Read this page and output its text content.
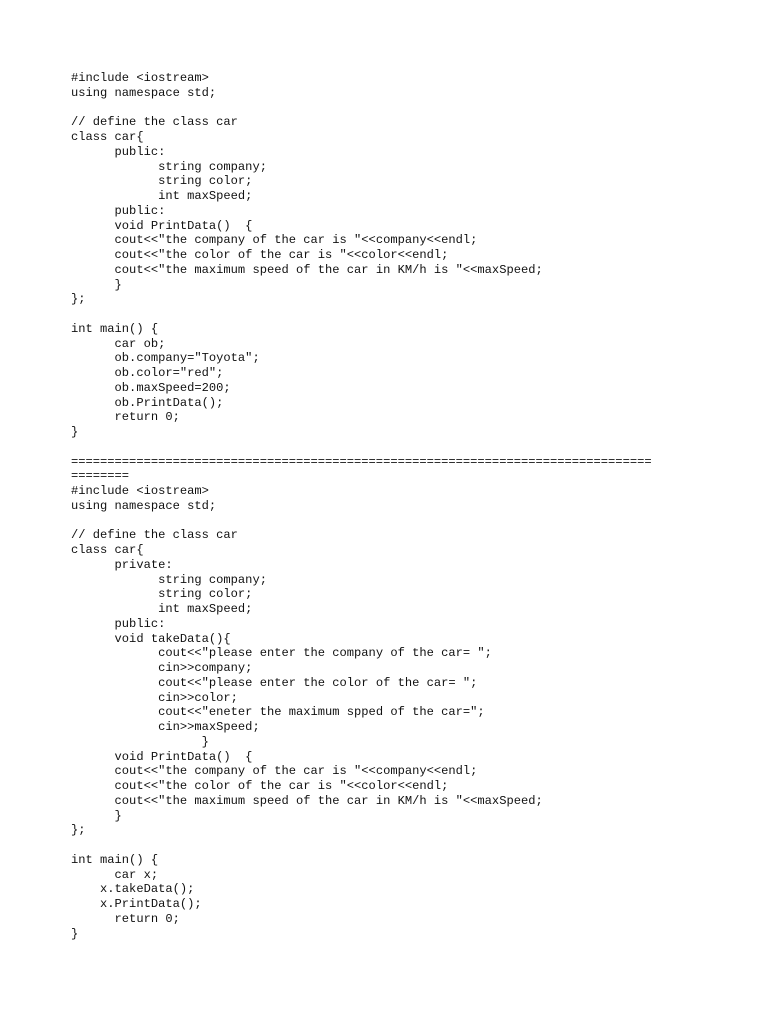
#include <iostream>
using namespace std;
// define the class car
class car{
	public:
		string company;
		string color;
		int maxSpeed;
	public:
	void PrintData()  {
	cout<<"the company of the car is "<<company<<endl;
	cout<<"the color of the car is "<<color<<endl;
	cout<<"the maximum speed of the car in KM/h is "<<maxSpeed;
	}
};
int main() {
	car ob;
	ob.company="Toyota";
	ob.color="red";
	ob.maxSpeed=200;
	ob.PrintData();
	return 0;
}
================================================================================
========
#include <iostream>
using namespace std;
// define the class car
class car{
	private:
		string company;
		string color;
		int maxSpeed;
	public:
	void takeData(){
		cout<<"please enter the company of the car= ";
		cin>>company;
		cout<<"please enter the color of the car= ";
		cin>>color;
		cout<<"eneter the maximum spped of the car=";
		cin>>maxSpeed;
		}
	void PrintData()  {
	cout<<"the company of the car is "<<company<<endl;
	cout<<"the color of the car is "<<color<<endl;
	cout<<"the maximum speed of the car in KM/h is "<<maxSpeed;
	}
};
int main() {
	car x;
x.takeData();
x.PrintData();
	return 0;
}
